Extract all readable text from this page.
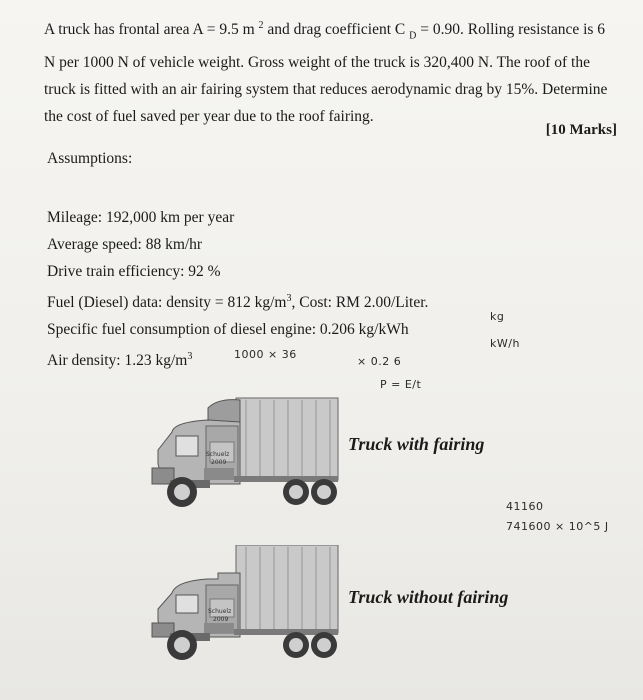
A truck has frontal area A = 9.5 m $^2$ and drag coefficient C $_D$ = 0.90. Rolling resistance is 6 N per 1000 N of vehicle weight. Gross weight of the truck is 320,400 N. The roof of the truck is fitted with an air fairing system that reduces aerodynamic drag by 15%. Determine the cost of fuel saved per year due to the roof fairing.

[10 Marks]
Assumptions:
Mileage: 192,000 km per year
Average speed: 88 km/hr
Drive train efficiency: 92 %
Fuel (Diesel) data: density = 812 $kg/m^3$, Cost: RM 2.00/Liter.
Specific fuel consumption of diesel engine: 0.206 kg/kWh
Air density: 1.23 $kg/m^3$	1000 × 36
× 0.2 6
P = E/t
kg
kW/h
41160
741600 × 10^5 J
Schuelz
2009
Truck with fairing
Schuelz
2009
Truck without fairing
